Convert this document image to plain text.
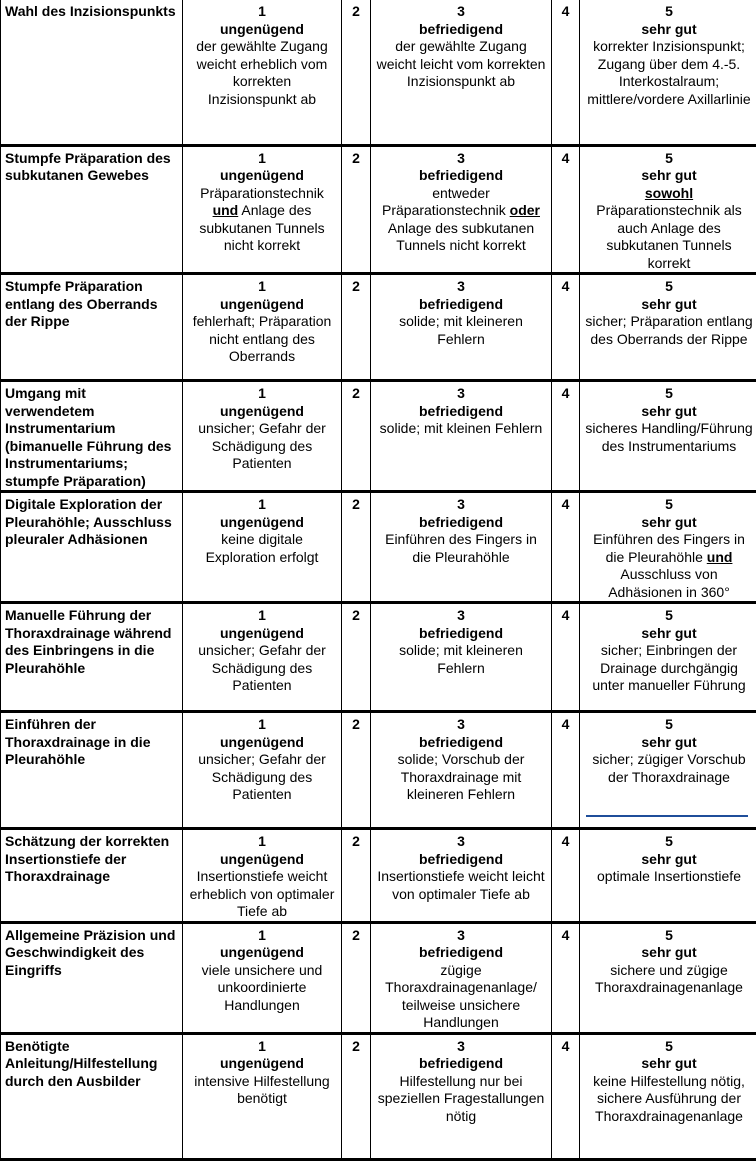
Wahl des Inzisionspunkts	1
ungenügend
der gewählte Zugang weicht erheblich vom korrekten Inzisionspunkt ab	2	3
befriedigend
der gewählte Zugang weicht leicht vom korrekten Inzisionspunkt ab	4	5
sehr gut
korrekter Inzisionspunkt; Zugang über dem 4.-5. Interkostalraum; mittlere/vordere Axillarlinie

Stumpfe Präparation des subkutanen Gewebes	1
ungenügend
Präparationstechnik und Anlage des subkutanen Tunnels nicht korrekt	2	3
befriedigend
entweder Präparationstechnik oder Anlage des subkutanen Tunnels nicht korrekt	4	5
sehr gut
sowohl
Präparationstechnik als auch Anlage des subkutanen Tunnels korrekt

Stumpfe Präparation entlang des Oberrands der Rippe	1
ungenügend
fehlerhaft; Präparation nicht entlang des Oberrands	2	3
befriedigend
solide; mit kleineren Fehlern	4	5
sehr gut
sicher; Präparation entlang des Oberrands der Rippe

Umgang mit verwendetem Instrumentarium (bimanuelle Führung des Instrumentariums; stumpfe Präparation)	1
ungenügend
unsicher; Gefahr der Schädigung des Patienten	2	3
befriedigend
solide; mit kleinen Fehlern	4	5
sehr gut
sicheres Handling/Führung des Instrumentariums

Digitale Exploration der Pleurahöhle; Ausschluss pleuraler Adhäsionen	1
ungenügend
keine digitale Exploration erfolgt	2	3
befriedigend
Einführen des Fingers in die Pleurahöhle	4	5
sehr gut
Einführen des Fingers in die Pleurahöhle und Ausschluss von Adhäsionen in 360°

Manuelle Führung der Thoraxdrainage während des Einbringens in die Pleurahöhle	1
ungenügend
unsicher; Gefahr der Schädigung des Patienten	2	3
befriedigend
solide; mit kleineren Fehlern	4	5
sehr gut
sicher; Einbringen der Drainage durchgängig unter manueller Führung

Einführen der Thoraxdrainage in die Pleurahöhle	1
ungenügend
unsicher; Gefahr der Schädigung des Patienten	2	3
befriedigend
solide; Vorschub der Thoraxdrainage mit kleineren Fehlern	4	5
sehr gut
sicher; zügiger Vorschub der Thoraxdrainage

Schätzung der korrekten Insertionstiefe der Thoraxdrainage	1
ungenügend
Insertionstiefe weicht erheblich von optimaler Tiefe ab	2	3
befriedigend
Insertionstiefe weicht leicht von optimaler Tiefe ab	4	5
sehr gut
optimale Insertionstiefe

Allgemeine Präzision und Geschwindigkeit des Eingriffs	1
ungenügend
viele unsichere und unkoordinierte Handlungen	2	3
befriedigend
zügige Thoraxdrainagenanlage/ teilweise unsichere Handlungen	4	5
sehr gut
sichere und zügige Thoraxdrainagenanlage

Benötigte Anleitung/Hilfestellung durch den Ausbilder	1
ungenügend
intensive Hilfestellung benötigt	2	3
befriedigend
Hilfestellung nur bei speziellen Fragestallungen nötig	4	5
sehr gut
keine Hilfestellung nötig, sichere Ausführung der Thoraxdrainagenanlage
